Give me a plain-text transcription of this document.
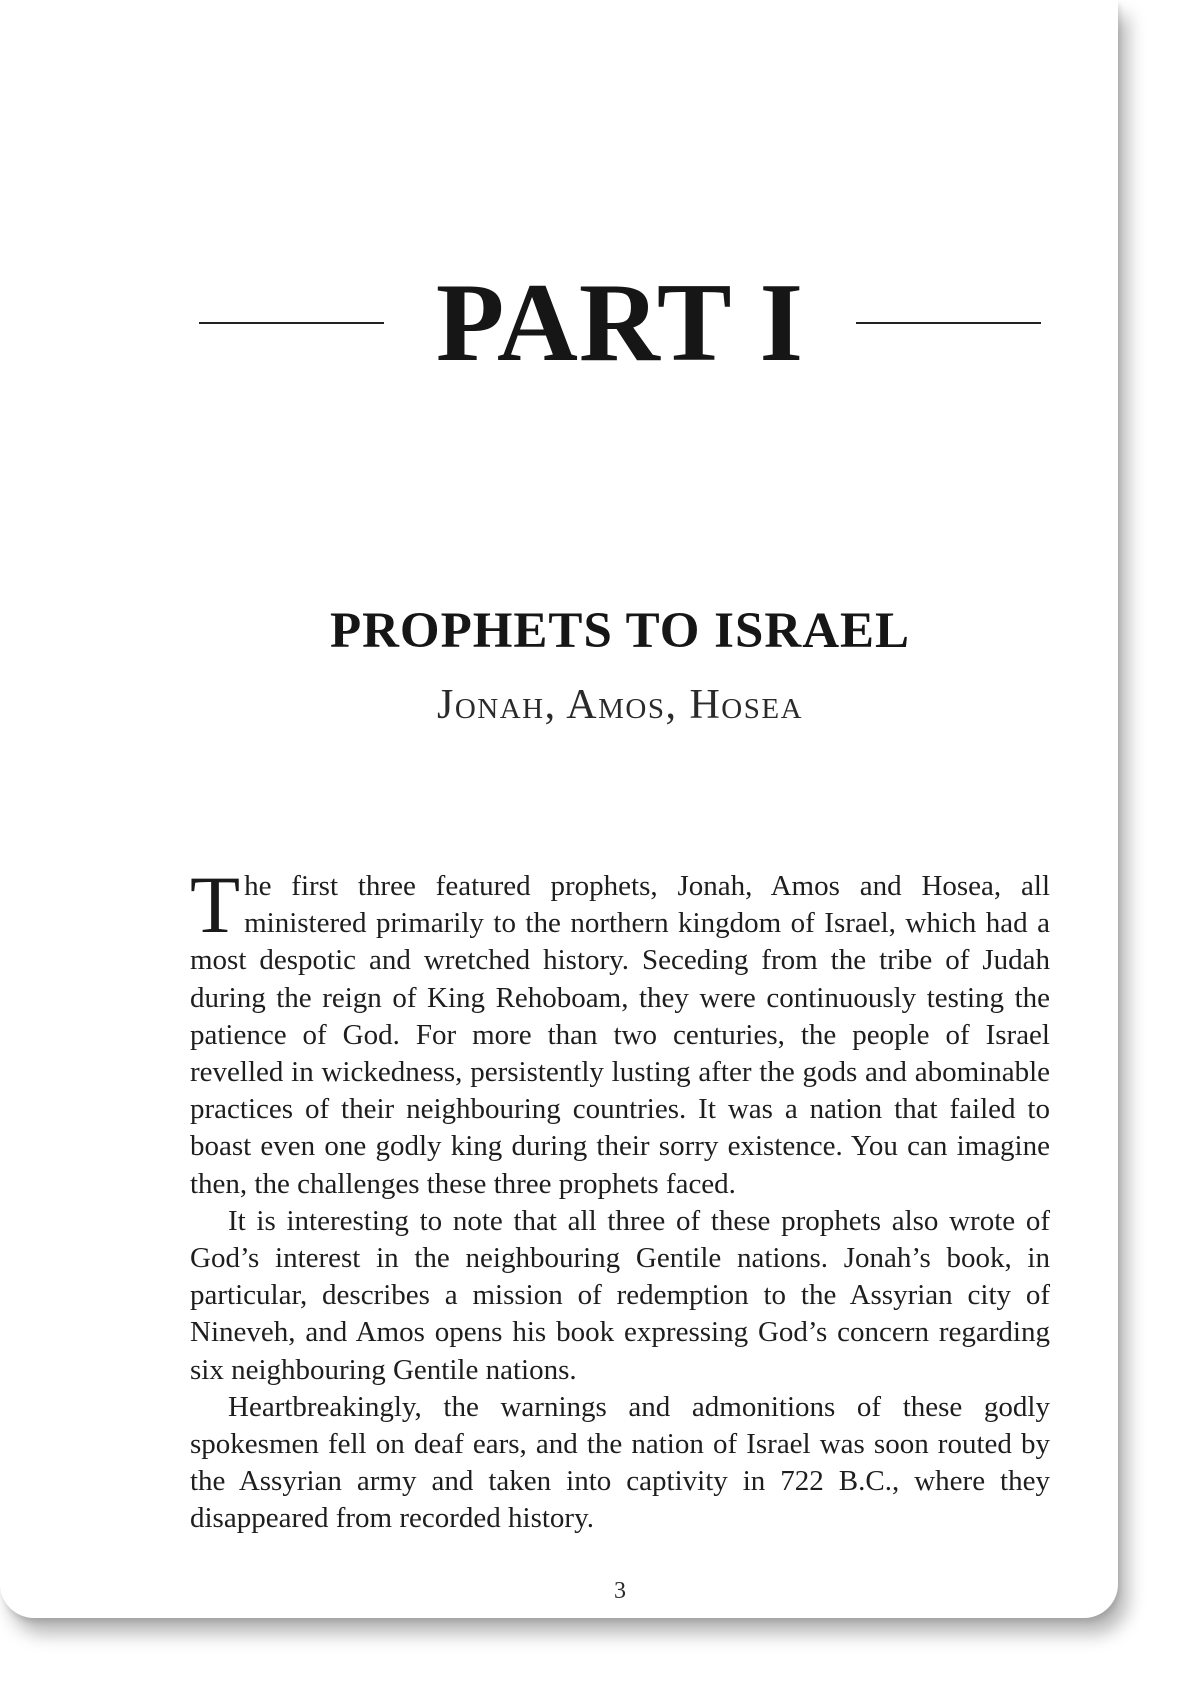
PART I
PROPHETS TO ISRAEL
Jonah, Amos, Hosea

The first three featured prophets, Jonah, Amos and Hosea, all ministered primarily to the northern kingdom of Israel, which had a most despotic and wretched history. Seceding from the tribe of Judah during the reign of King Rehoboam, they were continuously testing the patience of God. For more than two centuries, the people of Israel revelled in wickedness, persistently lusting after the gods and abominable practices of their neighbouring countries. It was a nation that failed to boast even one godly king during their sorry existence. You can imagine then, the challenges these three prophets faced.

It is interesting to note that all three of these prophets also wrote of God’s interest in the neighbouring Gentile nations. Jonah’s book, in particular, describes a mission of redemption to the Assyrian city of Nineveh, and Amos opens his book expressing God’s concern regarding six neighbouring Gentile nations.

Heartbreakingly, the warnings and admonitions of these godly spokesmen fell on deaf ears, and the nation of Israel was soon routed by the Assyrian army and taken into captivity in 722 B.C., where they disappeared from recorded history.

3
